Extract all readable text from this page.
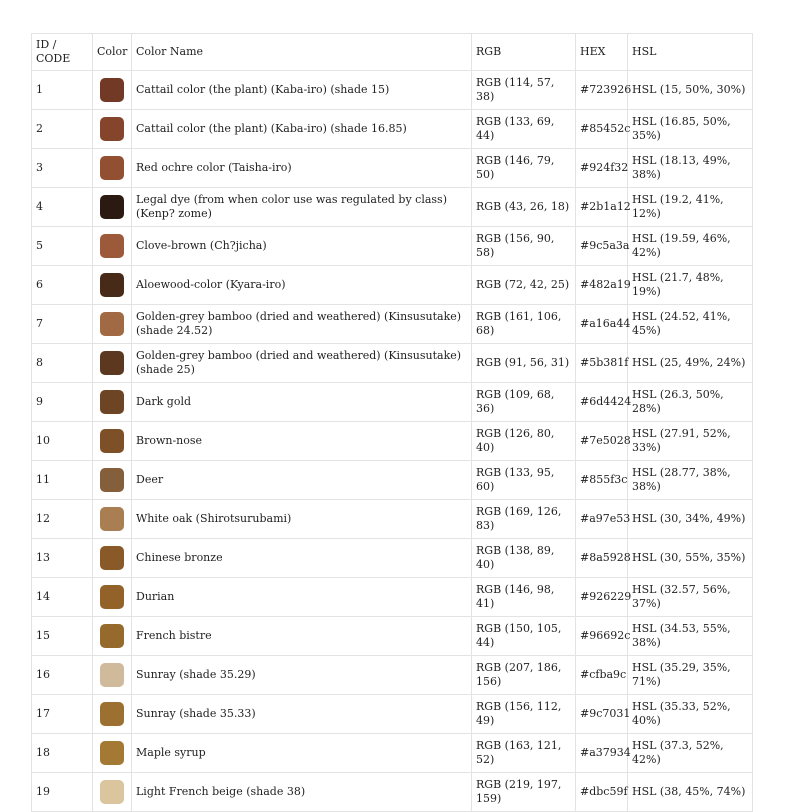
ID / CODE	Color	Color Name	RGB	HEX	HSL
1		Cattail color (the plant) (Kaba-iro) (shade 15)	RGB (114, 57, 38)	#723926	HSL (15, 50%, 30%)
2		Cattail color (the plant) (Kaba-iro) (shade 16.85)	RGB (133, 69, 44)	#85452c	HSL (16.85, 50%, 35%)
3		Red ochre color (Taisha-iro)	RGB (146, 79, 50)	#924f32	HSL (18.13, 49%, 38%)
4		Legal dye (from when color use was regulated by class) (Kenp? zome)	RGB (43, 26, 18)	#2b1a12	HSL (19.2, 41%, 12%)
5		Clove-brown (Ch?jicha)	RGB (156, 90, 58)	#9c5a3a	HSL (19.59, 46%, 42%)
6		Aloewood-color (Kyara-iro)	RGB (72, 42, 25)	#482a19	HSL (21.7, 48%, 19%)
7		Golden-grey bamboo (dried and weathered) (Kinsusutake) (shade 24.52)	RGB (161, 106, 68)	#a16a44	HSL (24.52, 41%, 45%)
8		Golden-grey bamboo (dried and weathered) (Kinsusutake) (shade 25)	RGB (91, 56, 31)	#5b381f	HSL (25, 49%, 24%)
9		Dark gold	RGB (109, 68, 36)	#6d4424	HSL (26.3, 50%, 28%)
10		Brown-nose	RGB (126, 80, 40)	#7e5028	HSL (27.91, 52%, 33%)
11		Deer	RGB (133, 95, 60)	#855f3c	HSL (28.77, 38%, 38%)
12		White oak (Shirotsurubami)	RGB (169, 126, 83)	#a97e53	HSL (30, 34%, 49%)
13		Chinese bronze	RGB (138, 89, 40)	#8a5928	HSL (30, 55%, 35%)
14		Durian	RGB (146, 98, 41)	#926229	HSL (32.57, 56%, 37%)
15		French bistre	RGB (150, 105, 44)	#96692c	HSL (34.53, 55%, 38%)
16		Sunray (shade 35.29)	RGB (207, 186, 156)	#cfba9c	HSL (35.29, 35%, 71%)
17		Sunray (shade 35.33)	RGB (156, 112, 49)	#9c7031	HSL (35.33, 52%, 40%)
18		Maple syrup	RGB (163, 121, 52)	#a37934	HSL (37.3, 52%, 42%)
19		Light French beige (shade 38)	RGB (219, 197, 159)	#dbc59f	HSL (38, 45%, 74%)
